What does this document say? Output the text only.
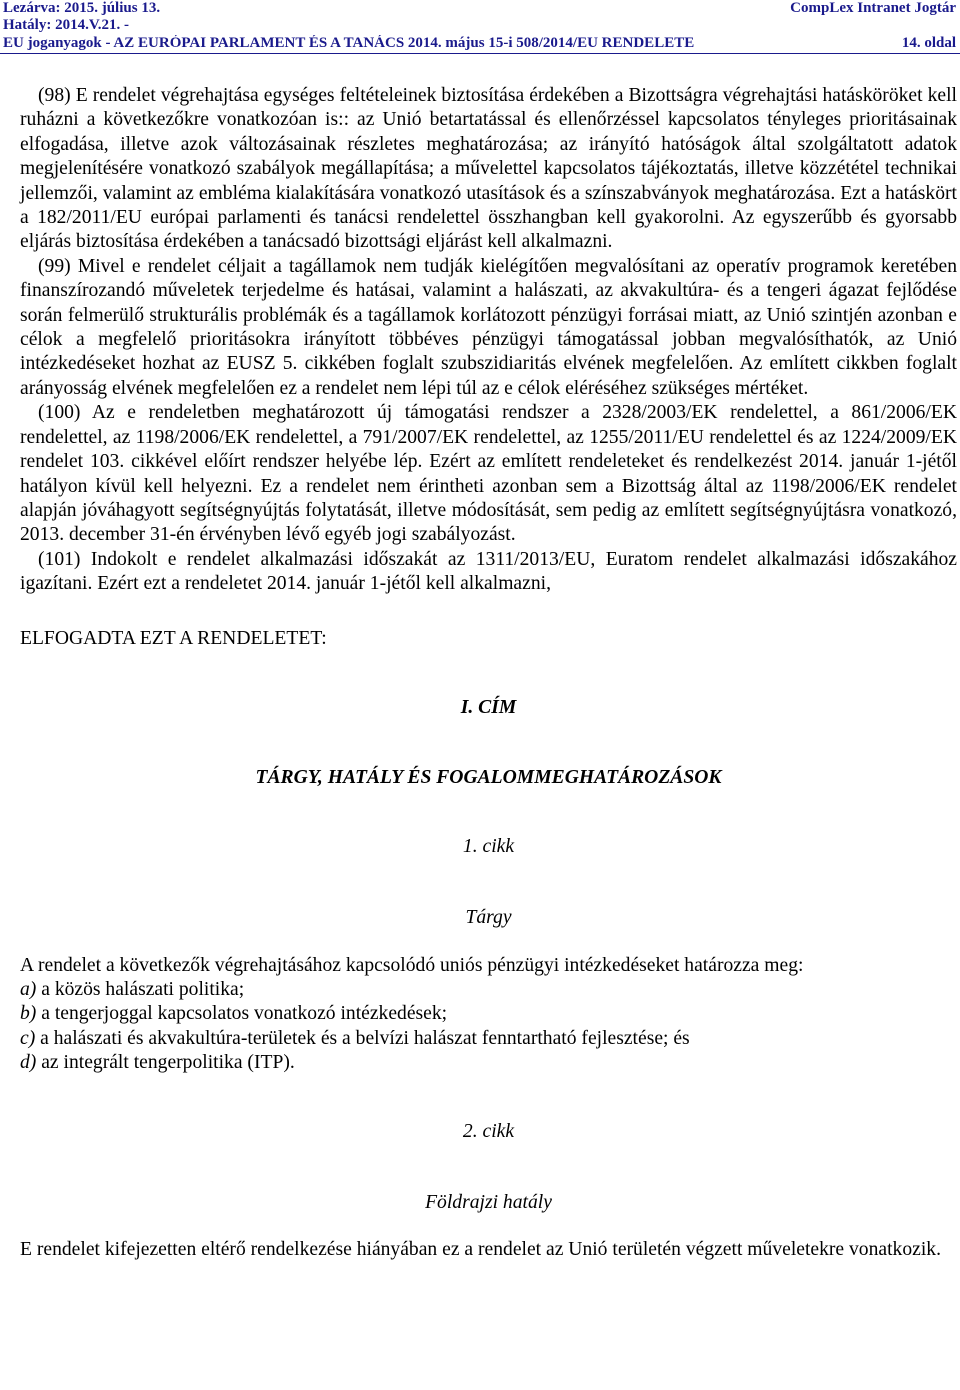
Lezárva: 2015. július 13.	CompLex Intranet Jogtár
Hatály: 2014.V.21. -
EU joganyagok - AZ EURÓPAI PARLAMENT ÉS A TANÁCS 2014. május 15-i 508/2014/EU RENDELETE	14. oldal

(98) E rendelet végrehajtása egységes feltételeinek biztosítása érdekében a Bizottságra végrehajtási hatásköröket kell ruházni a következőkre vonatkozóan is:: az Unió betartatással és ellenőrzéssel kapcsolatos tényleges prioritásainak elfogadása, illetve azok változásainak részletes meghatározása; az irányító hatóságok által szolgáltatott adatok megjelenítésére vonatkozó szabályok megállapítása; a művelettel kapcsolatos tájékoztatás, illetve közzététel technikai jellemzői, valamint az embléma kialakítására vonatkozó utasítások és a színszabványok meghatározása. Ezt a hatáskört a 182/2011/EU európai parlamenti és tanácsi rendelettel összhangban kell gyakorolni. Az egyszerűbb és gyorsabb eljárás biztosítása érdekében a tanácsadó bizottsági eljárást kell alkalmazni.

(99) Mivel e rendelet céljait a tagállamok nem tudják kielégítően megvalósítani az operatív programok keretében finanszírozandó műveletek terjedelme és hatásai, valamint a halászati, az akvakultúra- és a tengeri ágazat fejlődése során felmerülő strukturális problémák és a tagállamok korlátozott pénzügyi forrásai miatt, az Unió szintjén azonban e célok a megfelelő prioritásokra irányított többéves pénzügyi támogatással jobban megvalósíthatók, az Unió intézkedéseket hozhat az EUSZ 5. cikkében foglalt szubszidiaritás elvének megfelelően. Az említett cikkben foglalt arányosság elvének megfelelően ez a rendelet nem lépi túl az e célok eléréséhez szükséges mértéket.

(100) Az e rendeletben meghatározott új támogatási rendszer a 2328/2003/EK rendelettel, a 861/2006/EK rendelettel, az 1198/2006/EK rendelettel, a 791/2007/EK rendelettel, az 1255/2011/EU rendelettel és az 1224/2009/EK rendelet 103. cikkével előírt rendszer helyébe lép. Ezért az említett rendeleteket és rendelkezést 2014. január 1-jétől hatályon kívül kell helyezni. Ez a rendelet nem érintheti azonban sem a Bizottság által az 1198/2006/EK rendelet alapján jóváhagyott segítségnyújtás folytatását, illetve módosítását, sem pedig az említett segítségnyújtásra vonatkozó, 2013. december 31-én érvényben lévő egyéb jogi szabályozást.

(101) Indokolt e rendelet alkalmazási időszakát az 1311/2013/EU, Euratom rendelet alkalmazási időszakához igazítani. Ezért ezt a rendeletet 2014. január 1-jétől kell alkalmazni,

ELFOGADTA EZT A RENDELETET:

I. CÍM

TÁRGY, HATÁLY ÉS FOGALOMMEGHATÁROZÁSOK

1. cikk

Tárgy

A rendelet a következők végrehajtásához kapcsolódó uniós pénzügyi intézkedéseket határozza meg:

a) a közös halászati politika;

b) a tengerjoggal kapcsolatos vonatkozó intézkedések;

c) a halászati és akvakultúra-területek és a belvízi halászat fenntartható fejlesztése; és

d) az integrált tengerpolitika (ITP).

2. cikk

Földrajzi hatály

E rendelet kifejezetten eltérő rendelkezése hiányában ez a rendelet az Unió területén végzett műveletekre vonatkozik.
